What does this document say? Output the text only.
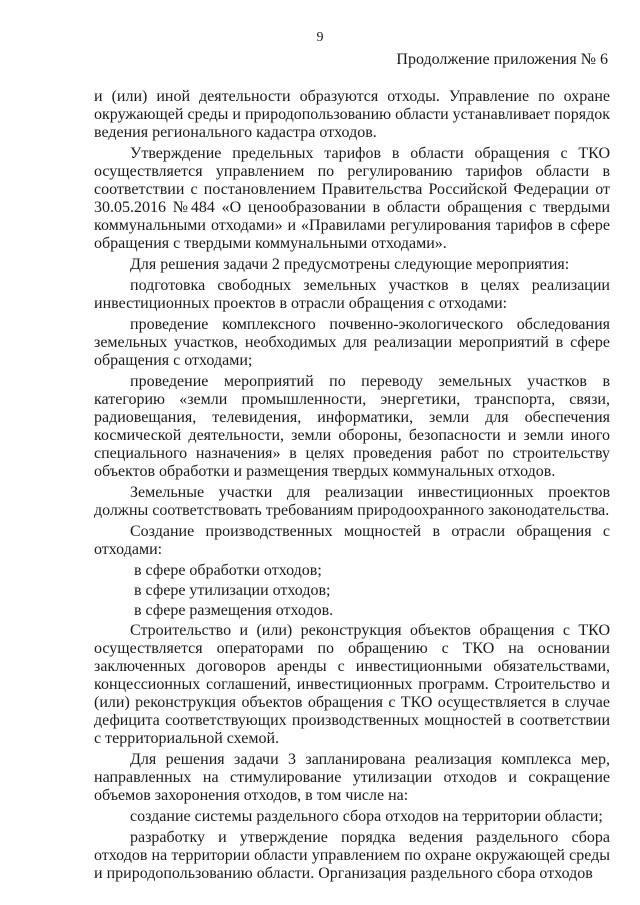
9
Продолжение приложения № 6

и (или) иной деятельности образуются отходы. Управление по охране окружающей среды и природопользованию области устанавливает порядок ведения регионального кадастра отходов.

Утверждение предельных тарифов в области обращения с ТКО осуществляется управлением по регулированию тарифов области в соответствии с постановлением Правительства Российской Федерации от 30.05.2016 №484 «О ценообразовании в области обращения с твердыми коммунальными отходами» и «Правилами регулирования тарифов в сфере обращения с твердыми коммунальными отходами».

Для решения задачи 2 предусмотрены следующие мероприятия:

подготовка свободных земельных участков в целях реализации инвестиционных проектов в отрасли обращения с отходами:

проведение комплексного почвенно-экологического обследования земельных участков, необходимых для реализации мероприятий в сфере обращения с отходами;

проведение мероприятий по переводу земельных участков в категорию «земли промышленности, энергетики, транспорта, связи, радиовещания, телевидения, информатики, земли для обеспечения космической деятельности, земли обороны, безопасности и земли иного специального назначения» в целях проведения работ по строительству объектов обработки и размещения твердых коммунальных отходов.

Земельные участки для реализации инвестиционных проектов должны соответствовать требованиям природоохранного законодательства.

Создание производственных мощностей в отрасли обращения с отходами:

в сфере обработки отходов;

в сфере утилизации отходов;

в сфере размещения отходов.

Строительство и (или) реконструкция объектов обращения с ТКО осуществляется операторами по обращению с ТКО на основании заключенных договоров аренды с инвестиционными обязательствами, концессионных соглашений, инвестиционных программ. Строительство и (или) реконструкция объектов обращения с ТКО осуществляется в случае дефицита соответствующих производственных мощностей в соответствии с территориальной схемой.

Для решения задачи 3 запланирована реализация комплекса мер, направленных на стимулирование утилизации отходов и сокращение объемов захоронения отходов, в том числе на:

создание системы раздельного сбора отходов на территории области;

разработку и утверждение порядка ведения раздельного сбора отходов на территории области управлением по охране окружающей среды и природопользованию области. Организация раздельного сбора отходов
